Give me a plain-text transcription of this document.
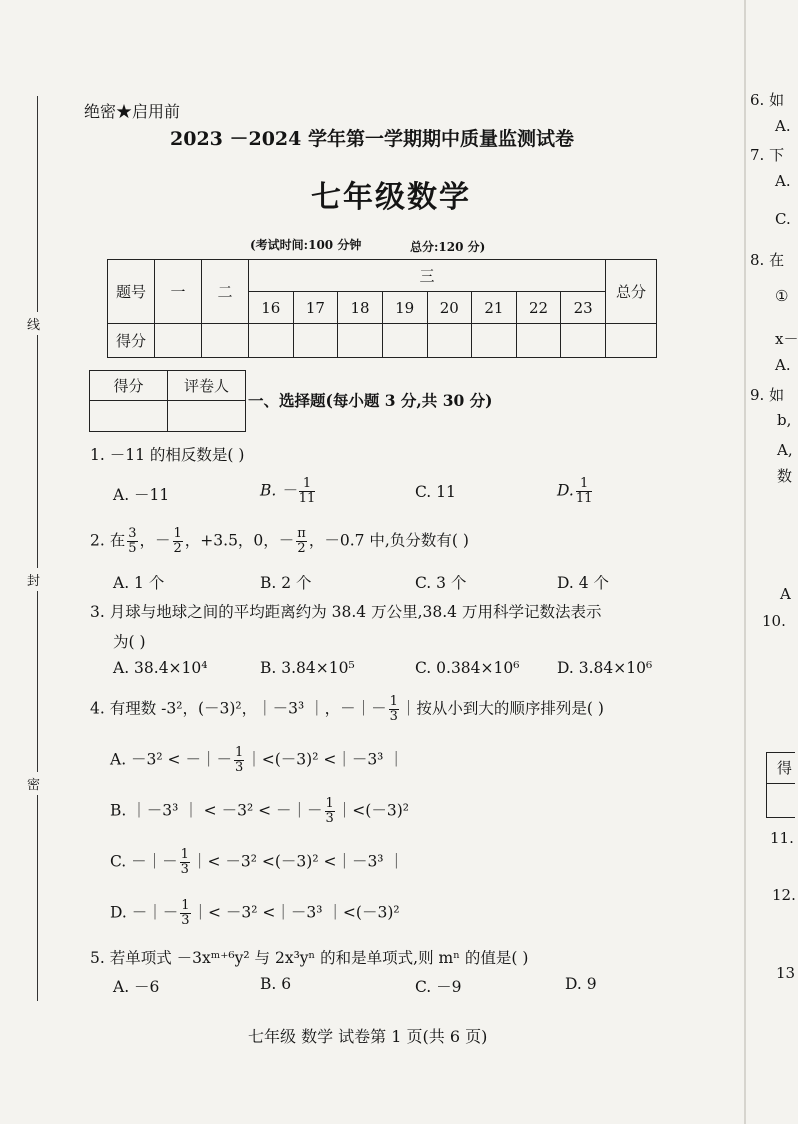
线
封
密
绝密★启用前
2023 －2024 学年第一学期期中质量监测试卷
七年级数学
(考试时间:100 分钟	总分:120 分)
题号	一	二	三								总分
			16	17	18	19	20	21	22	23	
得分											
得分	评卷人

一、选择题(每小题 3 分,共 30 分)
1. －11 的相反数是( )
A. －11	B. － $\frac{1}{11}$	C. 11	D. $\frac{1}{11}$
2. 在 $\frac{3}{5}$ ，－ $\frac{1}{2}$ ，+3.5，0，－ $\frac{\pi}{2}$ ，－0.7 中,负分数有( )
A. 1 个	B. 2 个	C. 3 个	D. 4 个
3. 月球与地球之间的平均距离约为 38.4 万公里,38.4 万用科学记数法表示
为( )
A. 38.4×10⁴	B. 3.84×10⁵	C. 0.384×10⁶ D. 3.84×10⁶
4. 有理数 -3²，(－3)²，｜－3³ ｜，－｜－ $\frac{1}{3}$ ｜按从小到大的顺序排列是( )
A. －3² < －｜－ $\frac{1}{3}$ ｜<(－3)² <｜－3³ ｜
B. ｜－3³ ｜ < －3² < －｜－ $\frac{1}{3}$ ｜<(－3)²
C. －｜－ $\frac{1}{3}$ ｜< －3² <(－3)² <｜－3³ ｜
D. －｜－ $\frac{1}{3}$ ｜< －3² <｜－3³ ｜<(－3)²
5. 若单项式 －3xᵐ⁺⁶y² 与 2x³yⁿ 的和是单项式,则 mⁿ 的值是( )
A. －6	B. 6	C. －9	D. 9
七年级 数学 试卷第 1 页(共 6 页)
6. 如
A.
7. 下
A.
C.
8. 在
①
x－
A.
9. 如
b,
A,
数
A
10.
得
11.
12.
13
